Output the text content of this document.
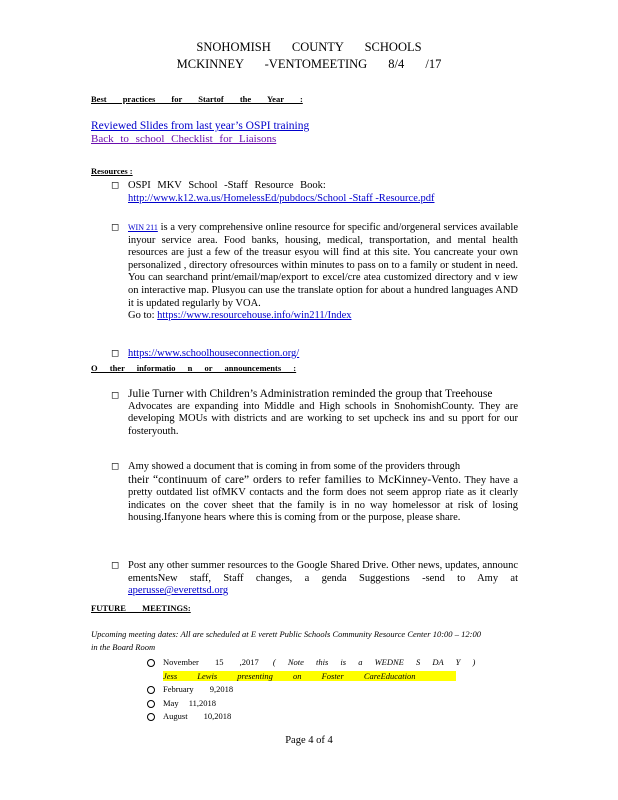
SNOHOMISH COUNTY SCHOOLS
MCKINNEY -VENTOMEETING 8/4 /17
Best practices for Startof the Year :
Reviewed Slides from last year’s OSPI training
Back to school Checklist for Liaisons
Resources :
◻ OSPI MKV School -Staff Resource Book:
http://www.k12.wa.us/HomelessEd/pubdocs/School -Staff -Resource.pdf
◻ WIN 211 is a very comprehensive online resource for specific and/orgeneral services available inyour service area. Food banks, housing, medical, transportation, and mental health resources are just a few of the treasur esyou will find at this site. You cancreate your own personalized , directory ofresources within minutes to pass on to a family or student in need. You can searchand print/email/map/export to excel/cre atea customized directory and v iew on interactive map. Plusyou can use the translate option for about a hundred languages AND it is updated regularly by VOA.
Go to: https://www.resourcehouse.info/win211/Index
◻ https://www.schoolhouseconnection.org/
O ther informatio n or announcements :
◻ Julie Turner with Children’s Administration reminded the group that Treehouse
Advocates are expanding into Middle and High schools in SnohomishCounty. They are developing MOUs with districts and are working to set upcheck ins and su pport for our fosteryouth.
◻ Amy showed a document that is coming in from some of the providers through
their “continuum of care” orders to refer families to McKinney-Vento. They have a pretty outdated list ofMKV contacts and the form does not seem approp riate as it clearly indicates on the cover sheet that the family is in no way homelessor at risk of losing housing.Ifanyone hears where this is coming from or the purpose, please share.
◻ Post any other summer resources to the Google Shared Drive. Other news, updates, announc ementsNew staff, Staff changes, a genda Suggestions -send to Amy at aperusse@everettsd.org
FUTURE MEETINGS:
Upcoming meeting dates: All are scheduled at E verett Public Schools Community Resource Center 10:00 – 12:00 in the Board Room
November 15 ,2017 ( Note this is a WEDNE S DA Y )
Jess Lewis presenting on Foster CareEducation
February 9,2018
May 11,2018
August 10,2018
Page 4 of 4
